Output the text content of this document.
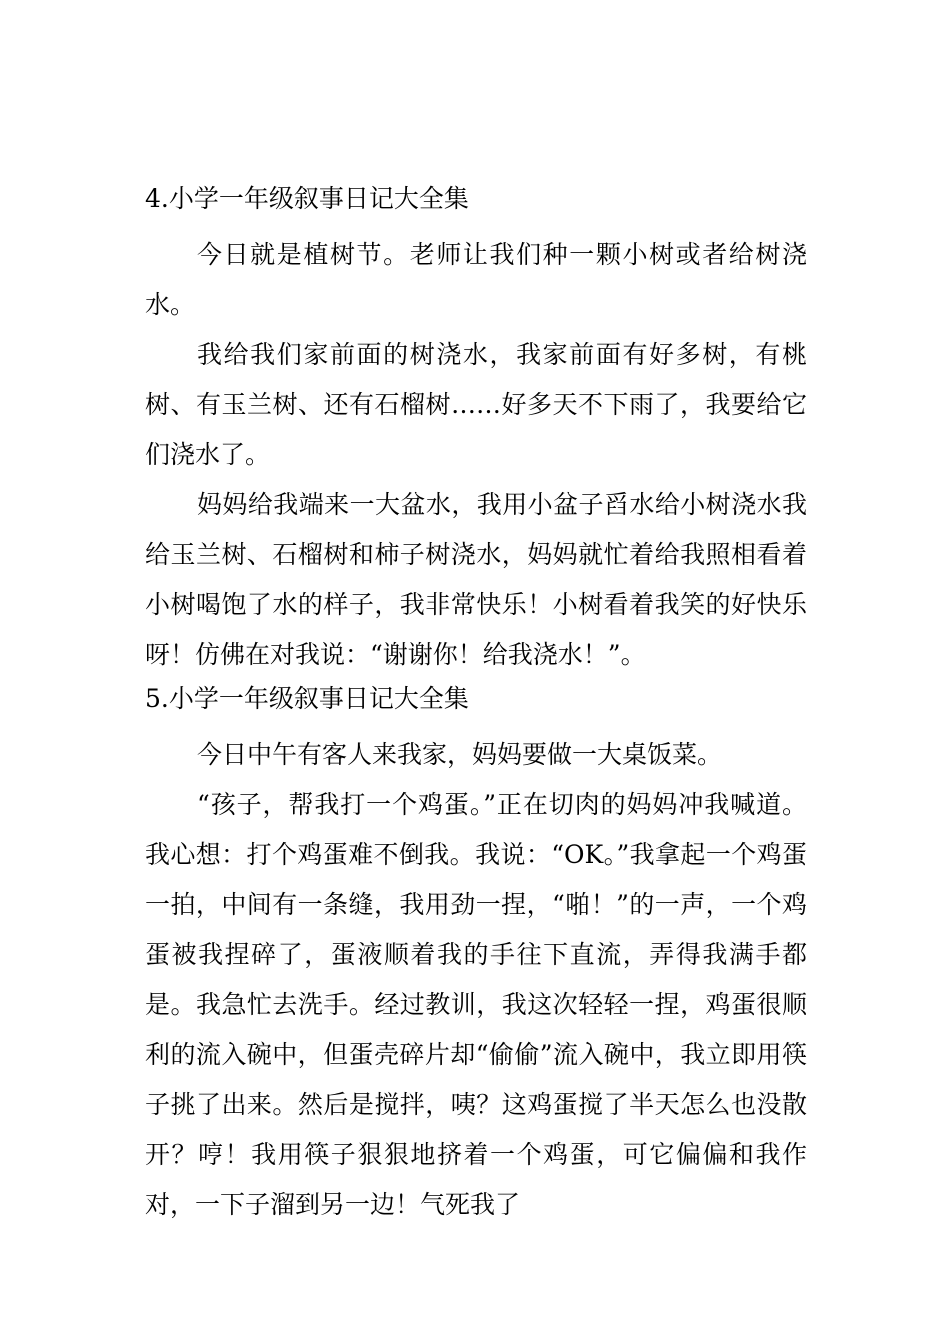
4.小学一年级叙事日记大全集

今日就是植树节。老师让我们种一颗小树或者给树浇水。

我给我们家前面的树浇水，我家前面有好多树，有桃树、有玉兰树、还有石榴树……好多天不下雨了，我要给它们浇水了。

妈妈给我端来一大盆水，我用小盆子舀水给小树浇水我给玉兰树、石榴树和柿子树浇水，妈妈就忙着给我照相看着小树喝饱了水的样子，我非常快乐！小树看着我笑的好快乐呀！仿佛在对我说：“谢谢你！给我浇水！”。

5.小学一年级叙事日记大全集

今日中午有客人来我家，妈妈要做一大桌饭菜。

“孩子，帮我打一个鸡蛋。”正在切肉的妈妈冲我喊道。我心想：打个鸡蛋难不倒我。我说：“OK。”我拿起一个鸡蛋一拍，中间有一条缝，我用劲一捏，“啪！”的一声，一个鸡蛋被我捏碎了，蛋液顺着我的手往下直流，弄得我满手都是。我急忙去洗手。经过教训，我这次轻轻一捏，鸡蛋很顺利的流入碗中，但蛋壳碎片却“偷偷”流入碗中，我立即用筷子挑了出来。然后是搅拌，咦？这鸡蛋搅了半天怎么也没散开？哼！我用筷子狠狠地挤着一个鸡蛋，可它偏偏和我作对，一下子溜到另一边！气死我了
